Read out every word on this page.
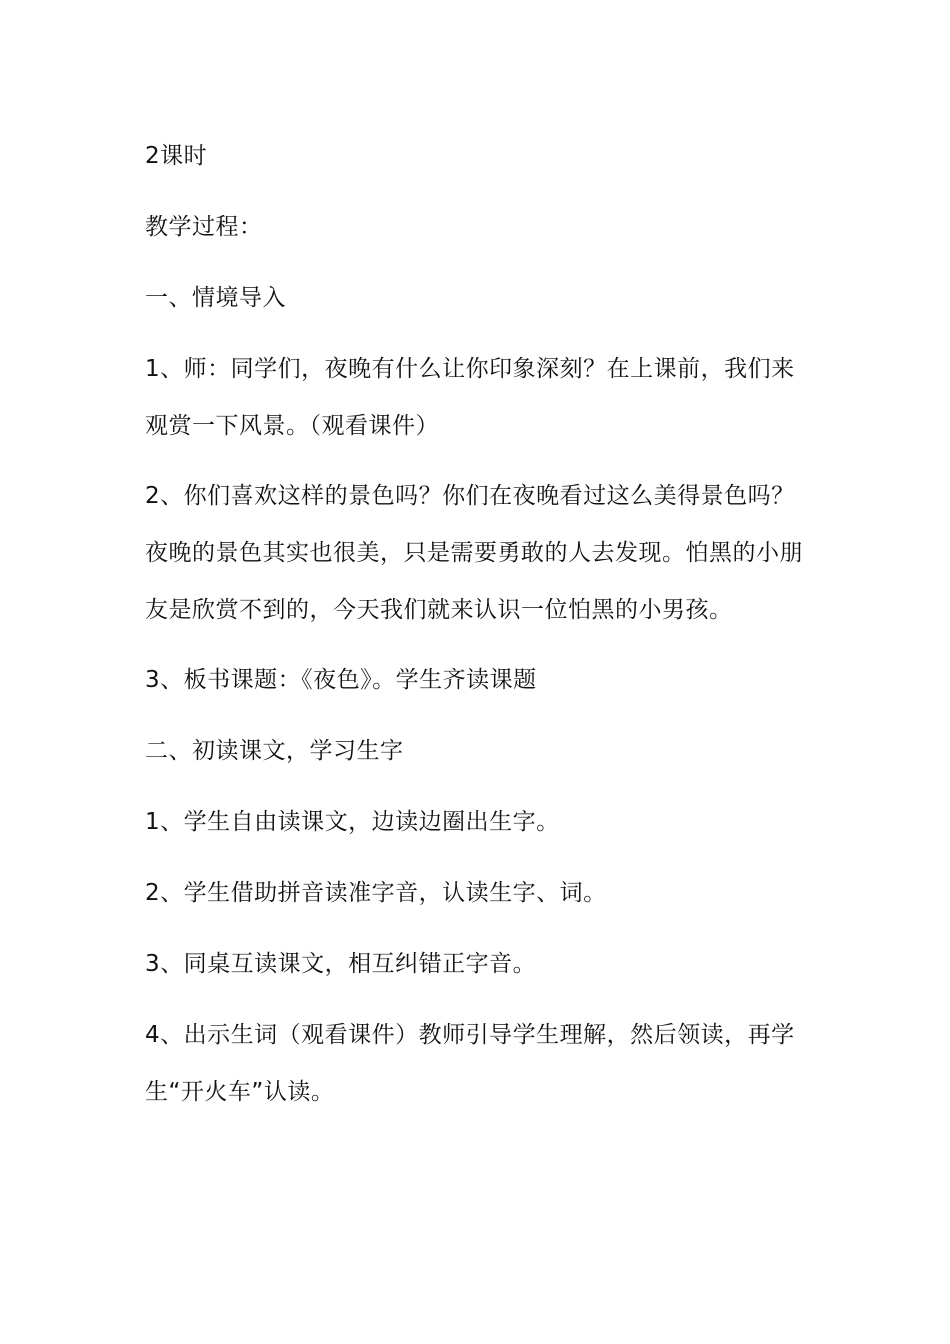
2课时

教学过程：

一、情境导入

1、师：同学们，夜晚有什么让你印象深刻？在上课前，我们来观赏一下风景。（观看课件）

2、你们喜欢这样的景色吗？你们在夜晚看过这么美得景色吗？夜晚的景色其实也很美，只是需要勇敢的人去发现。怕黑的小朋友是欣赏不到的，今天我们就来认识一位怕黑的小男孩。

3、板书课题：《夜色》。学生齐读课题

二、初读课文，学习生字

1、学生自由读课文，边读边圈出生字。

2、学生借助拼音读准字音，认读生字、词。

3、同桌互读课文，相互纠错正字音。

4、出示生词（观看课件）教师引导学生理解，然后领读，再学生“开火车”认读。
